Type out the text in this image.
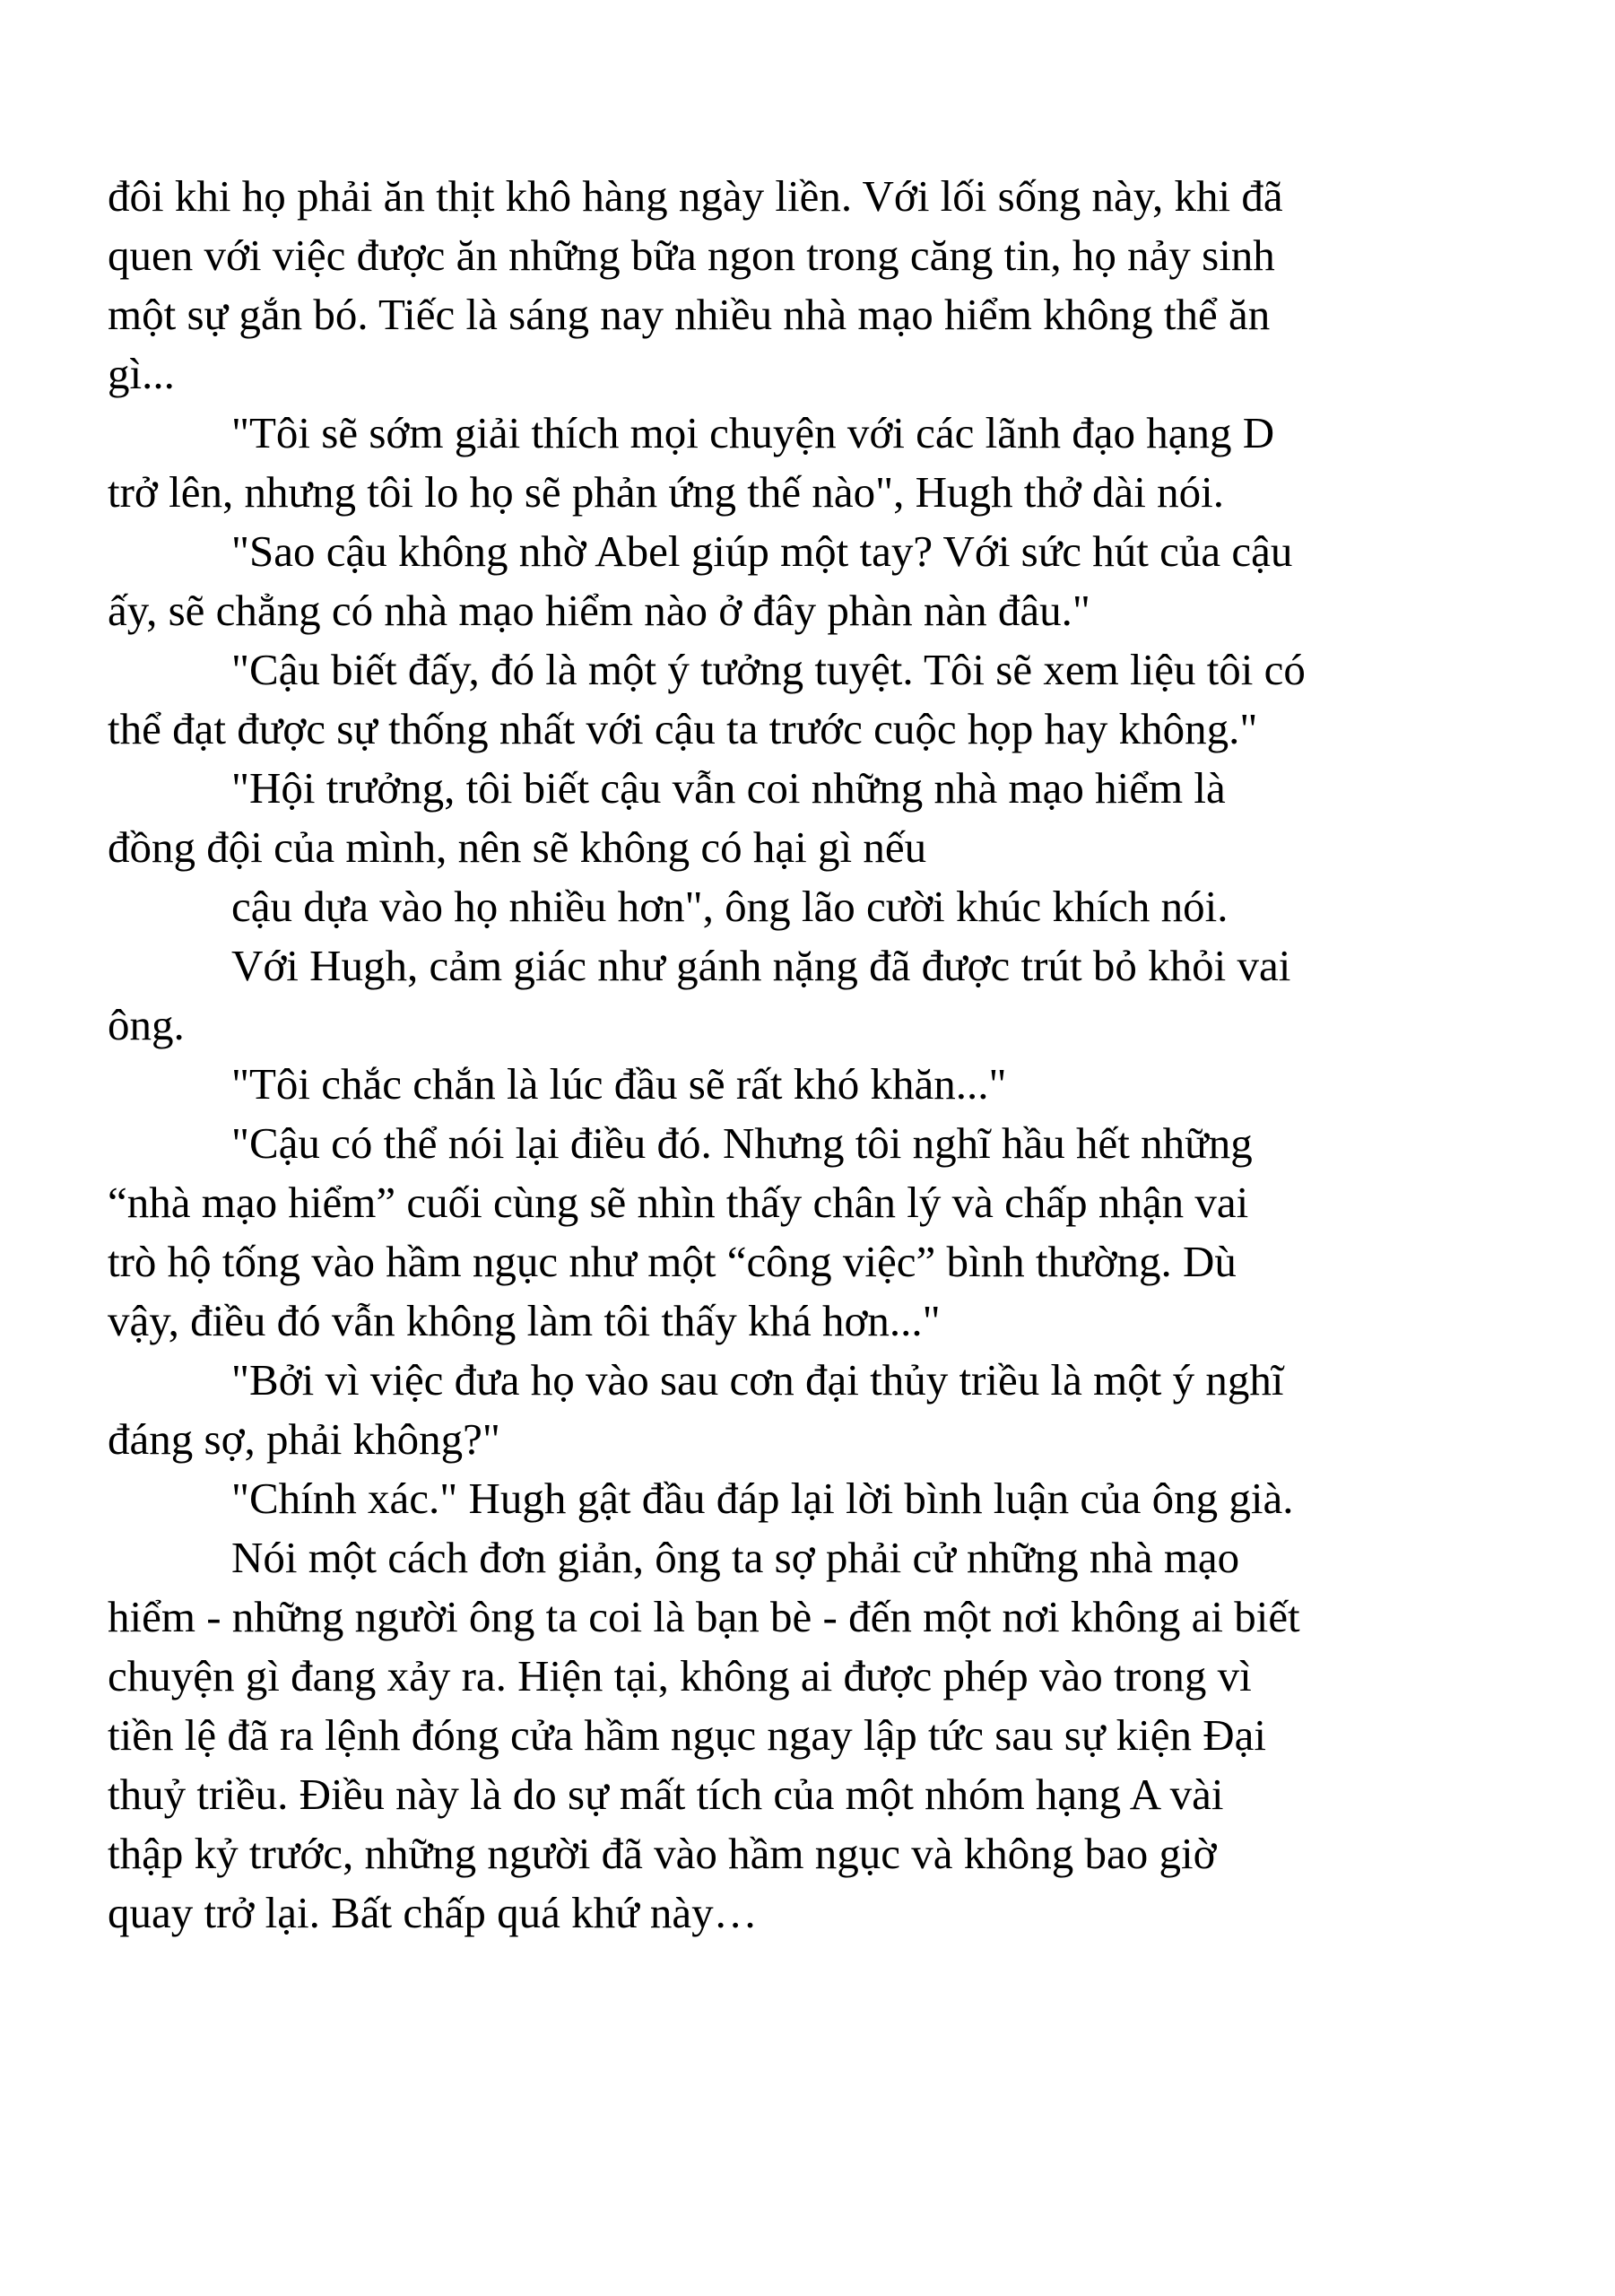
đôi khi họ phải ăn thịt khô hàng ngày liền. Với lối sống này, khi đã
quen với việc được ăn những bữa ngon trong căng tin, họ nảy sinh
một sự gắn bó. Tiếc là sáng nay nhiều nhà mạo hiểm không thể ăn
gì...
"Tôi sẽ sớm giải thích mọi chuyện với các lãnh đạo hạng D
trở lên, nhưng tôi lo họ sẽ phản ứng thế nào", Hugh thở dài nói.
"Sao cậu không nhờ Abel giúp một tay? Với sức hút của cậu
ấy, sẽ chẳng có nhà mạo hiểm nào ở đây phàn nàn đâu."
"Cậu biết đấy, đó là một ý tưởng tuyệt. Tôi sẽ xem liệu tôi có
thể đạt được sự thống nhất với cậu ta trước cuộc họp hay không."
"Hội trưởng, tôi biết cậu vẫn coi những nhà mạo hiểm là
đồng đội của mình, nên sẽ không có hại gì nếu
cậu dựa vào họ nhiều hơn", ông lão cười khúc khích nói.
Với Hugh, cảm giác như gánh nặng đã được trút bỏ khỏi vai
ông.
"Tôi chắc chắn là lúc đầu sẽ rất khó khăn..."
"Cậu có thể nói lại điều đó. Nhưng tôi nghĩ hầu hết những
“nhà mạo hiểm” cuối cùng sẽ nhìn thấy chân lý và chấp nhận vai
trò hộ tống vào hầm ngục như một “công việc” bình thường. Dù
vậy, điều đó vẫn không làm tôi thấy khá hơn..."
"Bởi vì việc đưa họ vào sau cơn đại thủy triều là một ý nghĩ
đáng sợ, phải không?"
"Chính xác." Hugh gật đầu đáp lại lời bình luận của ông già.
Nói một cách đơn giản, ông ta sợ phải cử những nhà mạo
hiểm - những người ông ta coi là bạn bè - đến một nơi không ai biết
chuyện gì đang xảy ra. Hiện tại, không ai được phép vào trong vì
tiền lệ đã ra lệnh đóng cửa hầm ngục ngay lập tức sau sự kiện Đại
thuỷ triều. Điều này là do sự mất tích của một nhóm hạng A vài
thập kỷ trước, những người đã vào hầm ngục và không bao giờ
quay trở lại. Bất chấp quá khứ này…
